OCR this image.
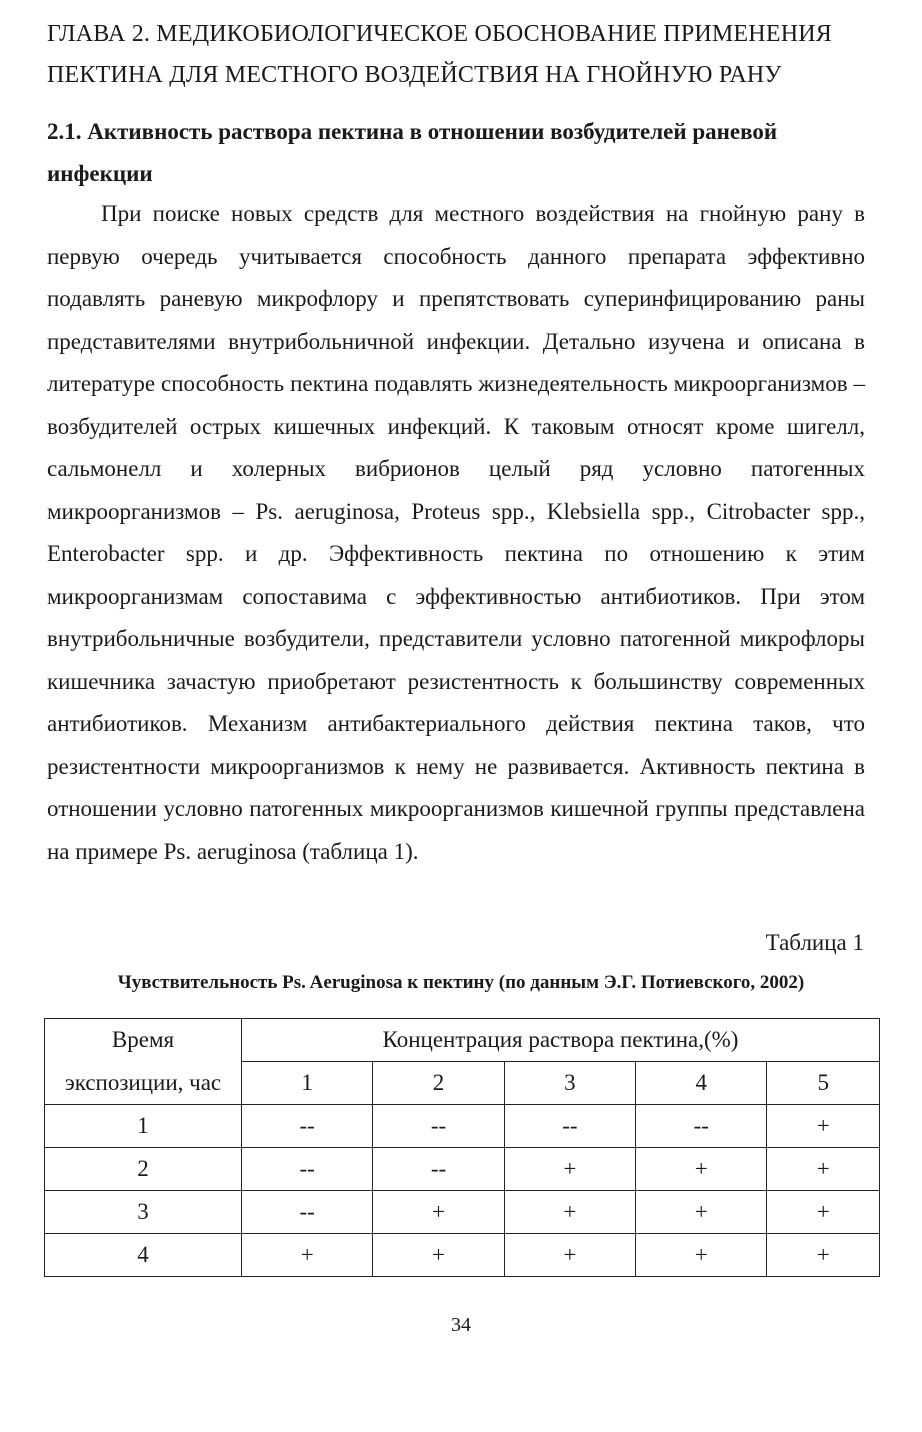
ГЛАВА 2. МЕДИКОБИОЛОГИЧЕСКОЕ ОБОСНОВАНИЕ ПРИМЕНЕНИЯ ПЕКТИНА ДЛЯ МЕСТНОГО ВОЗДЕЙСТВИЯ НА ГНОЙНУЮ РАНУ
2.1. Активность раствора пектина в отношении возбудителей раневой инфекции

При поиске новых средств для местного воздействия на гнойную рану в первую очередь учитывается способность данного препарата эффективно подавлять раневую микрофлору и препятствовать суперинфицированию раны представителями внутрибольничной инфекции. Детально изучена и описана в литературе способность пектина подавлять жизнедеятельность микроорганизмов – возбудителей острых кишечных инфекций. К таковым относят кроме шигелл, сальмонелл и холерных вибрионов целый ряд условно патогенных микроорганизмов – Ps. aeruginosa, Proteus spp., Klebsiella spp., Citrobacter spp., Enterobacter spp. и др. Эффективность пектина по отношению к этим микроорганизмам сопоставима с эффективностью антибиотиков. При этом внутрибольничные возбудители, представители условно патогенной микрофлоры кишечника зачастую приобретают резистентность к большинству современных антибиотиков. Механизм антибактериального действия пектина таков, что резистентности микроорганизмов к нему не развивается. Активность пектина в отношении условно патогенных микроорганизмов кишечной группы представлена на примере Ps. aeruginosa (таблица 1).

Таблица 1

Чувствительность Ps. Aeruginosa к пектину (по данным Э.Г. Потиевского, 2002)

Время	Концентрация раствора пектина,(%)				
экспозиции, час	1	2	3	4	5
1	--	--	--	--	+
2	--	--	+	+	+
3	--	+	+	+	+
4	+	+	+	+	+

34
